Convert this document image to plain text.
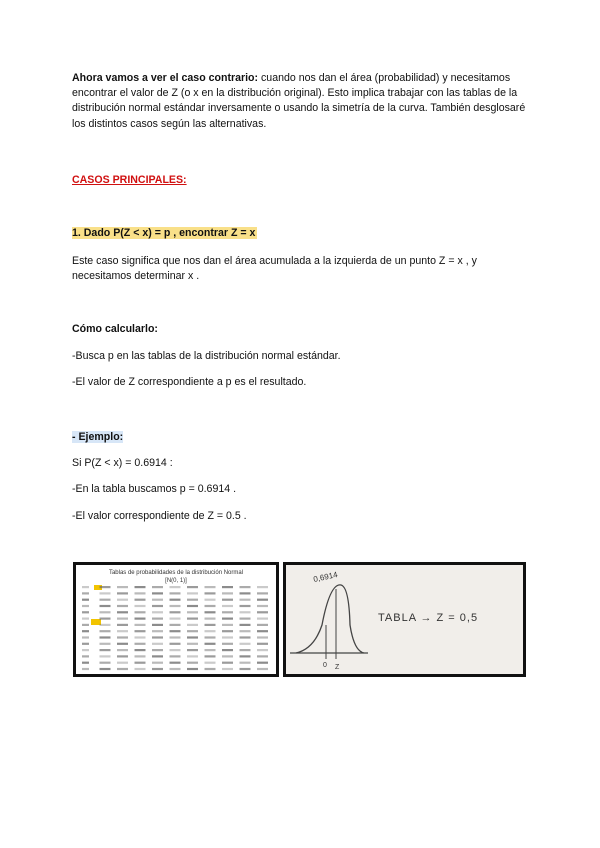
Ahora vamos a ver el caso contrario: cuando nos dan el área (probabilidad) y necesitamos encontrar el valor de Z (o x en la distribución original). Esto implica trabajar con las tablas de la distribución normal estándar inversamente o usando la simetría de la curva. También desglosaré los distintos casos según las alternativas.
CASOS PRINCIPALES:
1. Dado P(Z < x) = p , encontrar Z = x
Este caso significa que nos dan el área acumulada a la izquierda de un punto Z = x , y necesitamos determinar x .
Cómo calcularlo:
-Busca p en las tablas de la distribución normal estándar.
-El valor de Z correspondiente a p es el resultado.
- Ejemplo:
Si P(Z < x) = 0.6914 :
-En la tabla buscamos p = 0.6914 .
-El valor correspondiente de Z = 0.5 .
Tablas de probabilidades de la distribución Normal
[N(0, 1)]	0,6914
0 Z
TABLA → Z = 0,5
